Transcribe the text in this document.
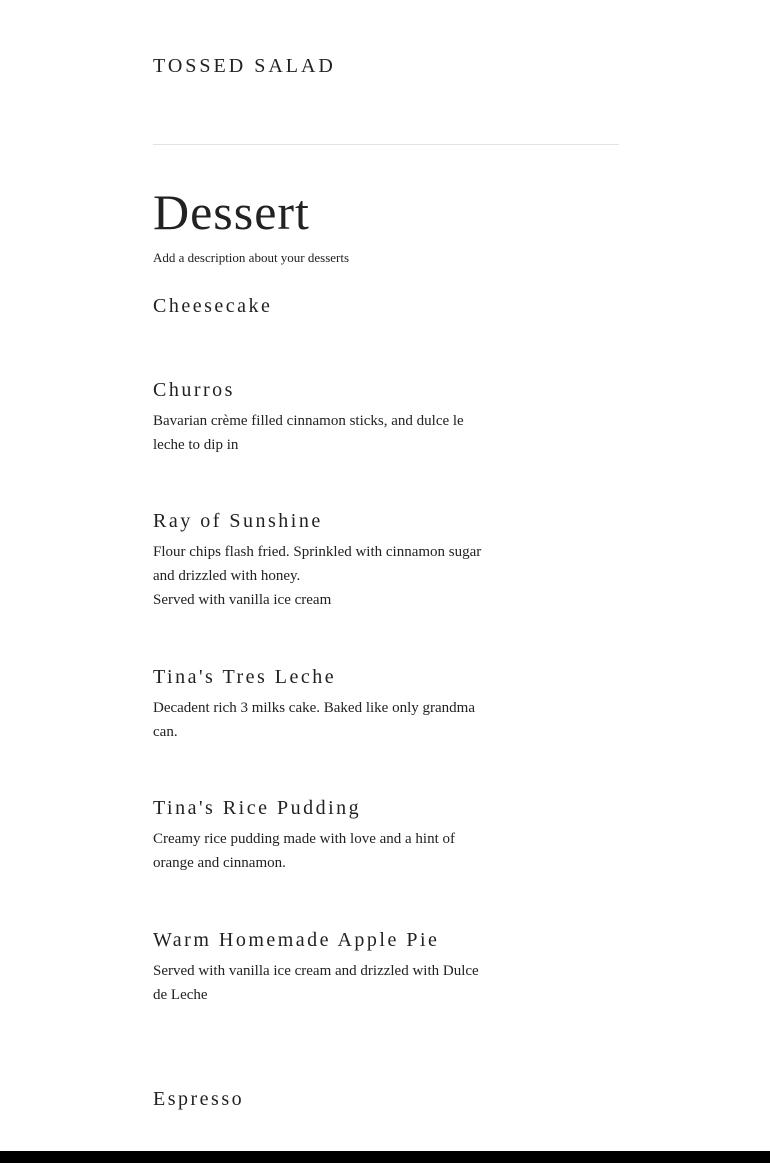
TOSSED SALAD
Dessert

Add a description about your desserts

Cheesecake
Churros

Bavarian crème filled cinnamon sticks, and dulce le leche to dip in

Ray of Sunshine

Flour chips flash fried. Sprinkled with cinnamon sugar and drizzled with honey.
Served with vanilla ice cream

Tina's Tres Leche

Decadent rich 3 milks cake. Baked like only grandma can.

Tina's Rice Pudding

Creamy rice pudding made with love and a hint of orange and cinnamon.

Warm Homemade Apple Pie

Served with vanilla ice cream and drizzled with Dulce de Leche

Espresso
